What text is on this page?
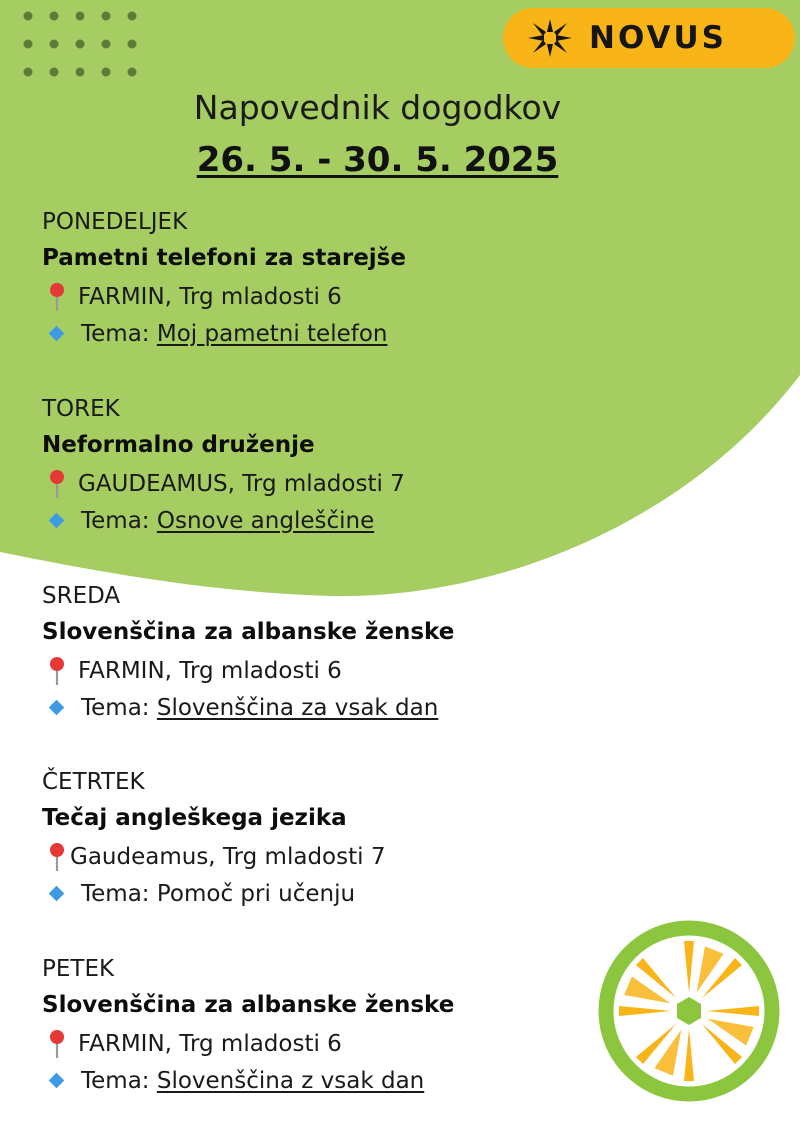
NOVUS
Napovednik dogodkov
26. 5. - 30. 5. 2025
PONEDELJEK
Pametni telefoni za starejše
FARMIN, Trg mladosti 6
Tema: Moj pametni telefon
TOREK
Neformalno druženje
GAUDEAMUS, Trg mladosti 7
Tema: Osnove angleščine
SREDA
Slovenščina za albanske ženske
FARMIN, Trg mladosti 6
Tema: Slovenščina za vsak dan
ČETRTEK
Tečaj angleškega jezika
Gaudeamus, Trg mladosti 7
Tema: Pomoč pri učenju
PETEK
Slovenščina za albanske ženske
FARMIN, Trg mladosti 6
Tema: Slovenščina z vsak dan
